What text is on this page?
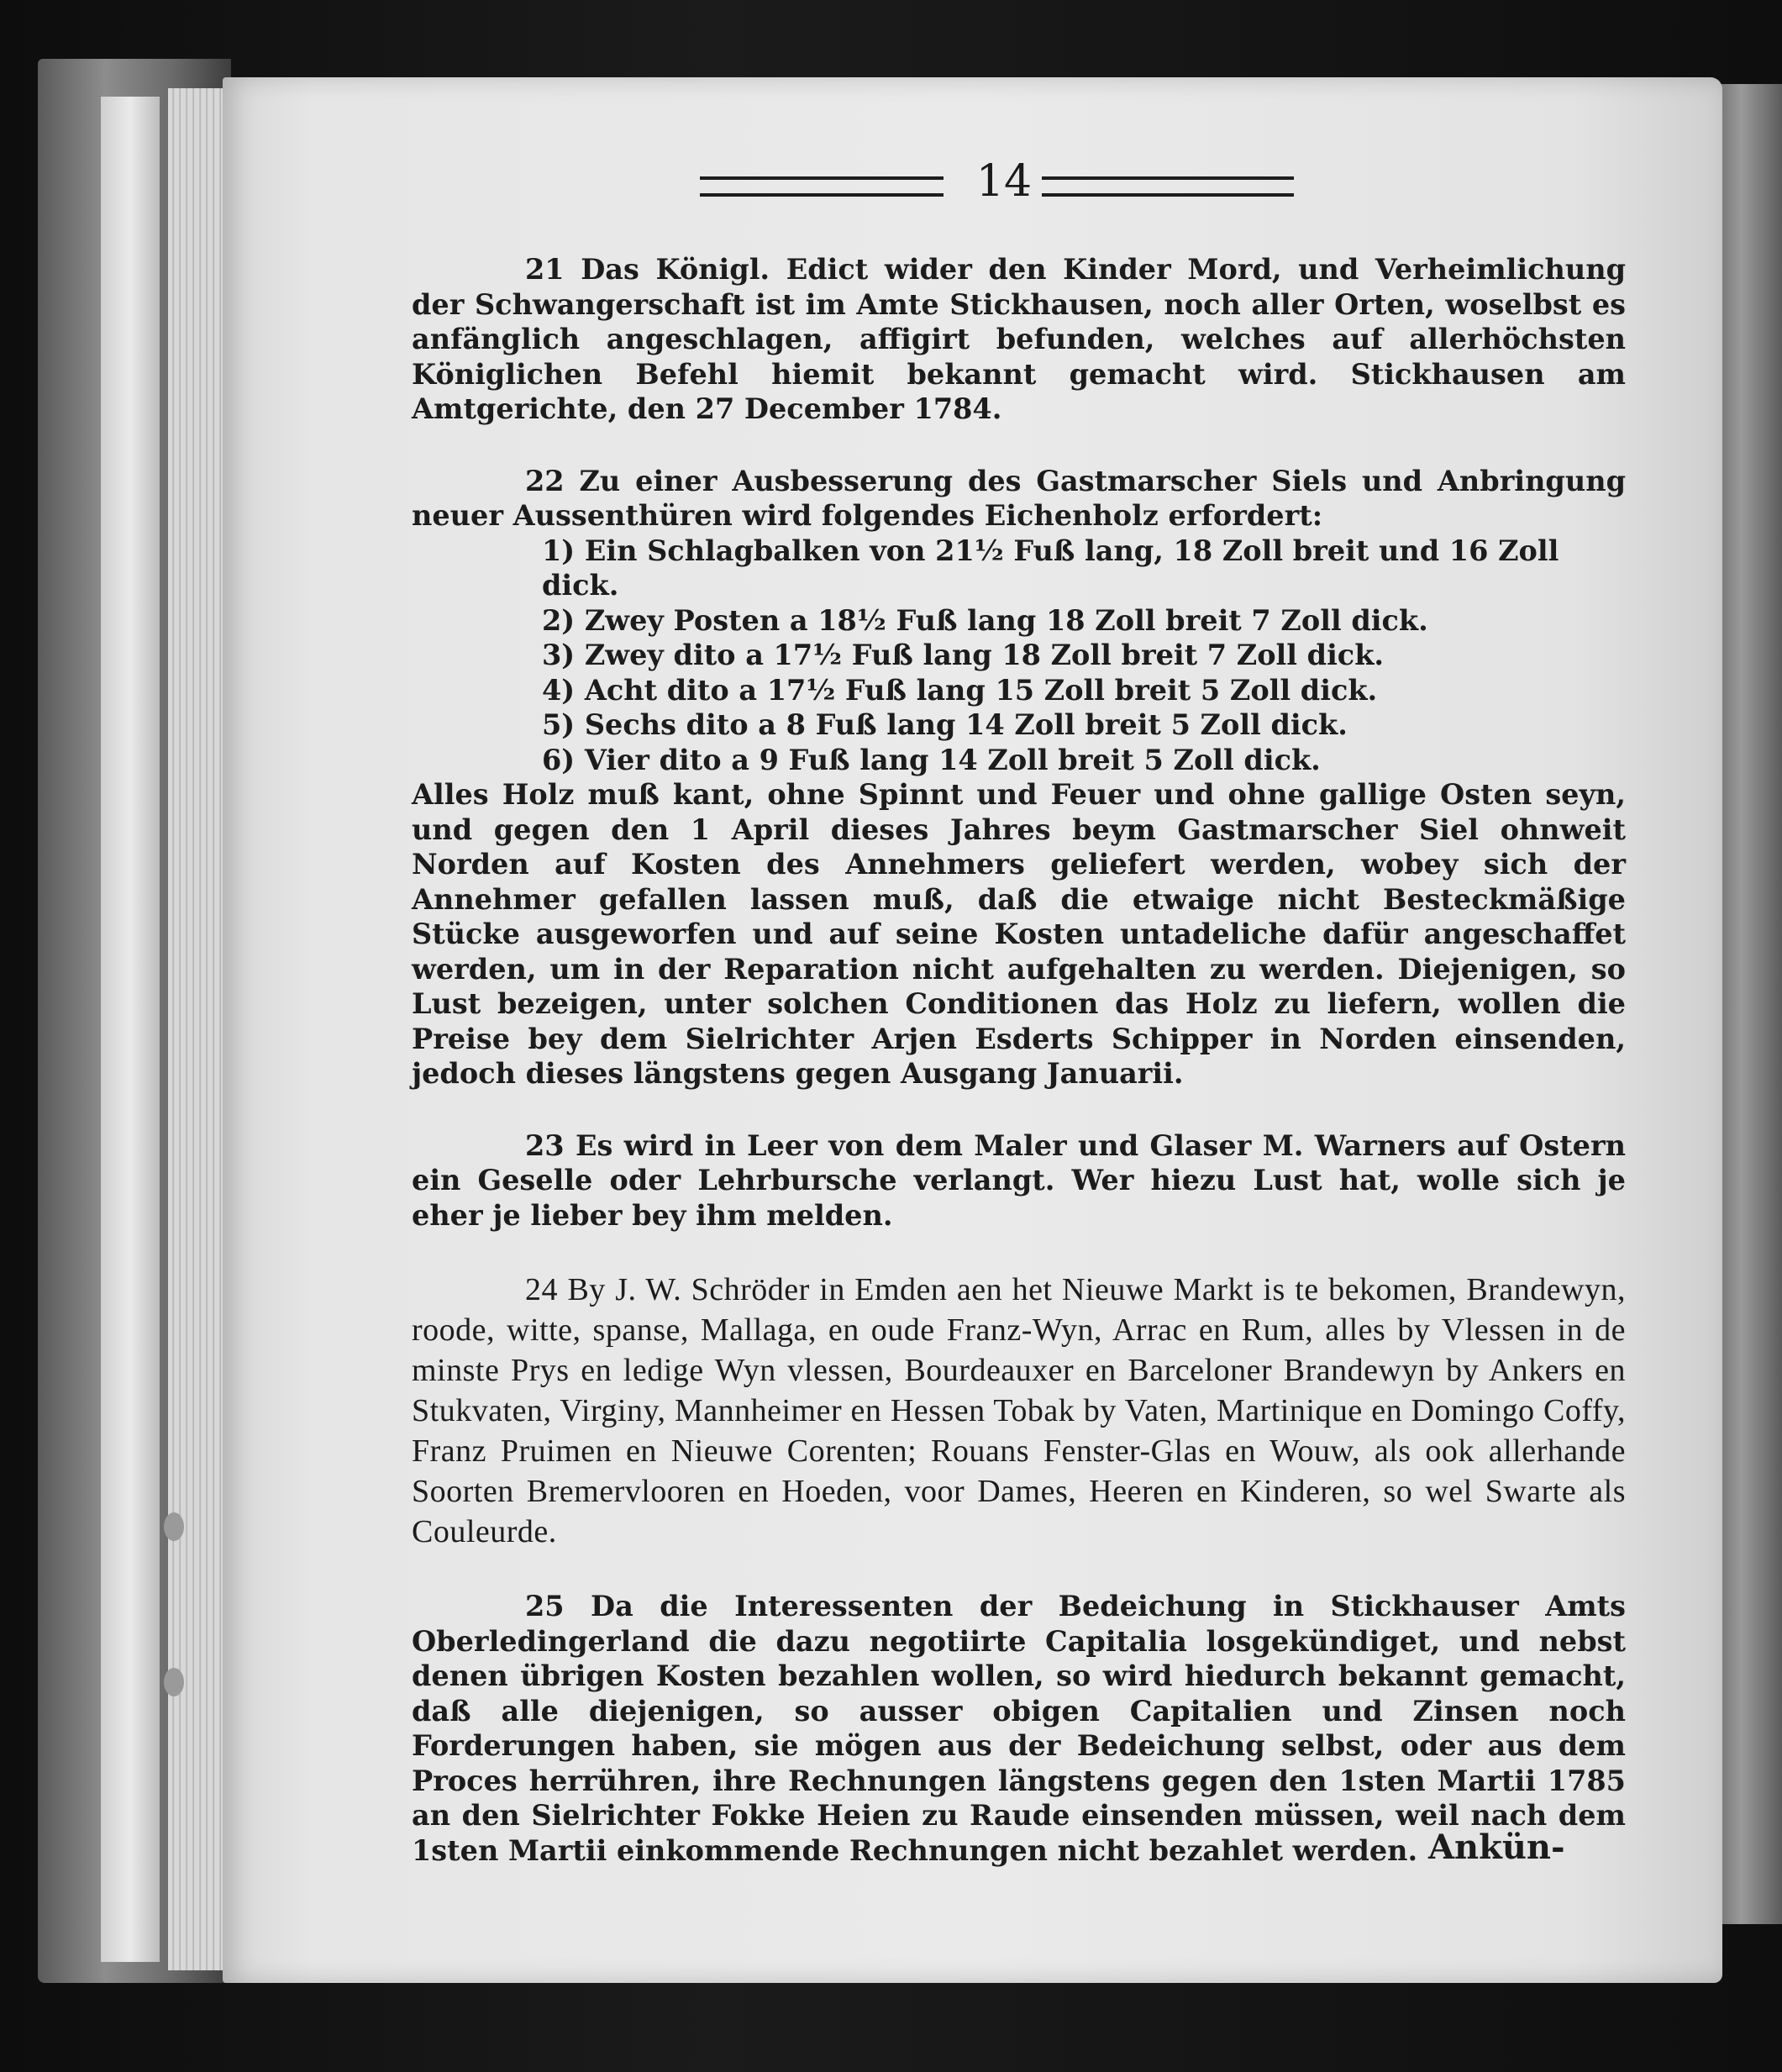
14

21 Das Königl. Edict wider den Kinder Mord, und Verheimlichung der Schwangerschaft ist im Amte Stickhausen, noch aller Orten, woselbst es anfänglich angeschlagen, affigirt befunden, welches auf allerhöchsten Königlichen Befehl hiemit bekannt gemacht wird. Stickhausen am Amtgerichte, den 27 December 1784.

22 Zu einer Ausbesserung des Gastmarscher Siels und Anbringung neuer Aussenthüren wird folgendes Eichenholz erfordert:

1) Ein Schlagbalken von 21½ Fuß lang, 18 Zoll breit und 16 Zoll dick.
2) Zwey Posten a 18½ Fuß lang 18 Zoll breit 7 Zoll dick.
3) Zwey dito a 17½ Fuß lang 18 Zoll breit 7 Zoll dick.
4) Acht dito a 17½ Fuß lang 15 Zoll breit 5 Zoll dick.
5) Sechs dito a 8 Fuß lang 14 Zoll breit 5 Zoll dick.
6) Vier dito a 9 Fuß lang 14 Zoll breit 5 Zoll dick.

Alles Holz muß kant, ohne Spinnt und Feuer und ohne gallige Osten seyn, und gegen den 1 April dieses Jahres beym Gastmarscher Siel ohnweit Norden auf Kosten des Annehmers geliefert werden, wobey sich der Annehmer gefallen lassen muß, daß die etwaige nicht Besteckmäßige Stücke ausgeworfen und auf seine Kosten untadeliche dafür angeschaffet werden, um in der Reparation nicht aufgehalten zu werden. Diejenigen, so Lust bezeigen, unter solchen Conditionen das Holz zu liefern, wollen die Preise bey dem Sielrichter Arjen Esderts Schipper in Norden einsenden, jedoch dieses längstens gegen Ausgang Januarii.

23 Es wird in Leer von dem Maler und Glaser M. Warners auf Ostern ein Geselle oder Lehrbursche verlangt. Wer hiezu Lust hat, wolle sich je eher je lieber bey ihm melden.

24 By J. W. Schröder in Emden aen het Nieuwe Markt is te bekomen, Brandewyn, roode, witte, spanse, Mallaga, en oude Franz-Wyn, Arrac en Rum, alles by Vlessen in de minste Prys en ledige Wyn vlessen, Bourdeauxer en Barceloner Brandewyn by Ankers en Stukvaten, Virginy, Mannheimer en Hessen Tobak by Vaten, Martinique en Domingo Coffy, Franz Pruimen en Nieuwe Corenten; Rouans Fenster-Glas en Wouw, als ook allerhande Soorten Bremervlooren en Hoeden, voor Dames, Heeren en Kinderen, so wel Swarte als Couleurde.

25 Da die Interessenten der Bedeichung in Stickhauser Amts Oberledingerland die dazu negotiirte Capitalia losgekündiget, und nebst denen übrigen Kosten bezahlen wollen, so wird hiedurch bekannt gemacht, daß alle diejenigen, so ausser obigen Capitalien und Zinsen noch Forderungen haben, sie mögen aus der Bedeichung selbst, oder aus dem Proces herrühren, ihre Rechnungen längstens gegen den 1sten Martii 1785 an den Sielrichter Fokke Heien zu Raude einsenden müssen, weil nach dem 1sten Martii einkommende Rechnungen nicht bezahlet werden. Ankün-
